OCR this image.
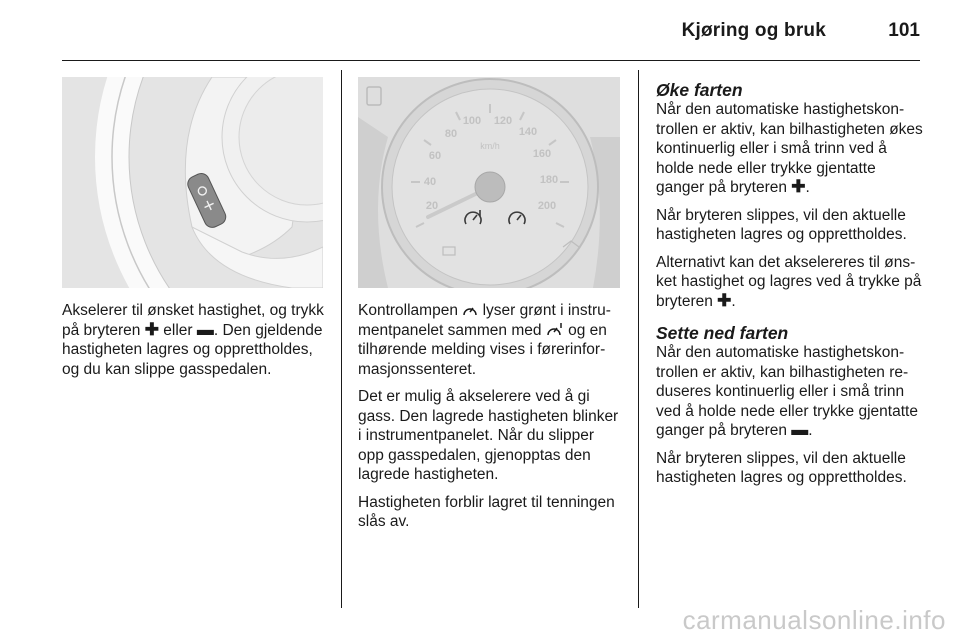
Kjøring og bruk	101
20
40
60
80
100 120
140
160
180
200
km/h

Akselerer til ønsket hastighet, og trykk på bryteren ✚ eller ▬. Den gjeldende hastigheten lagres og opprettholdes, og du kan slippe gasspedalen.

Kontrollampen  lyser grønt i instrumentpanelet sammen med  og en tilhørende melding vises i førerinformasjonssenteret.

Det er mulig å akselerere ved å gi gass. Den lagrede hastigheten blinker i instrumentpanelet. Når du slipper opp gasspedalen, gjenopptas den lagrede hastigheten.

Hastigheten forblir lagret til tenningen slås av.

Øke farten

Når den automatiske hastighetskontrollen er aktiv, kan bilhastigheten økes kontinuerlig eller i små trinn ved å holde nede eller trykke gjentatte ganger på bryteren ✚.

Når bryteren slippes, vil den aktuelle hastigheten lagres og opprettholdes.

Alternativt kan det akselereres til ønsket hastighet og lagres ved å trykke på bryteren ✚.

Sette ned farten

Når den automatiske hastighetskontrollen er aktiv, kan bilhastigheten reduseres kontinuerlig eller i små trinn ved å holde nede eller trykke gjentatte ganger på bryteren ▬.

Når bryteren slippes, vil den aktuelle hastigheten lagres og opprettholdes.

carmanualsonline.info
